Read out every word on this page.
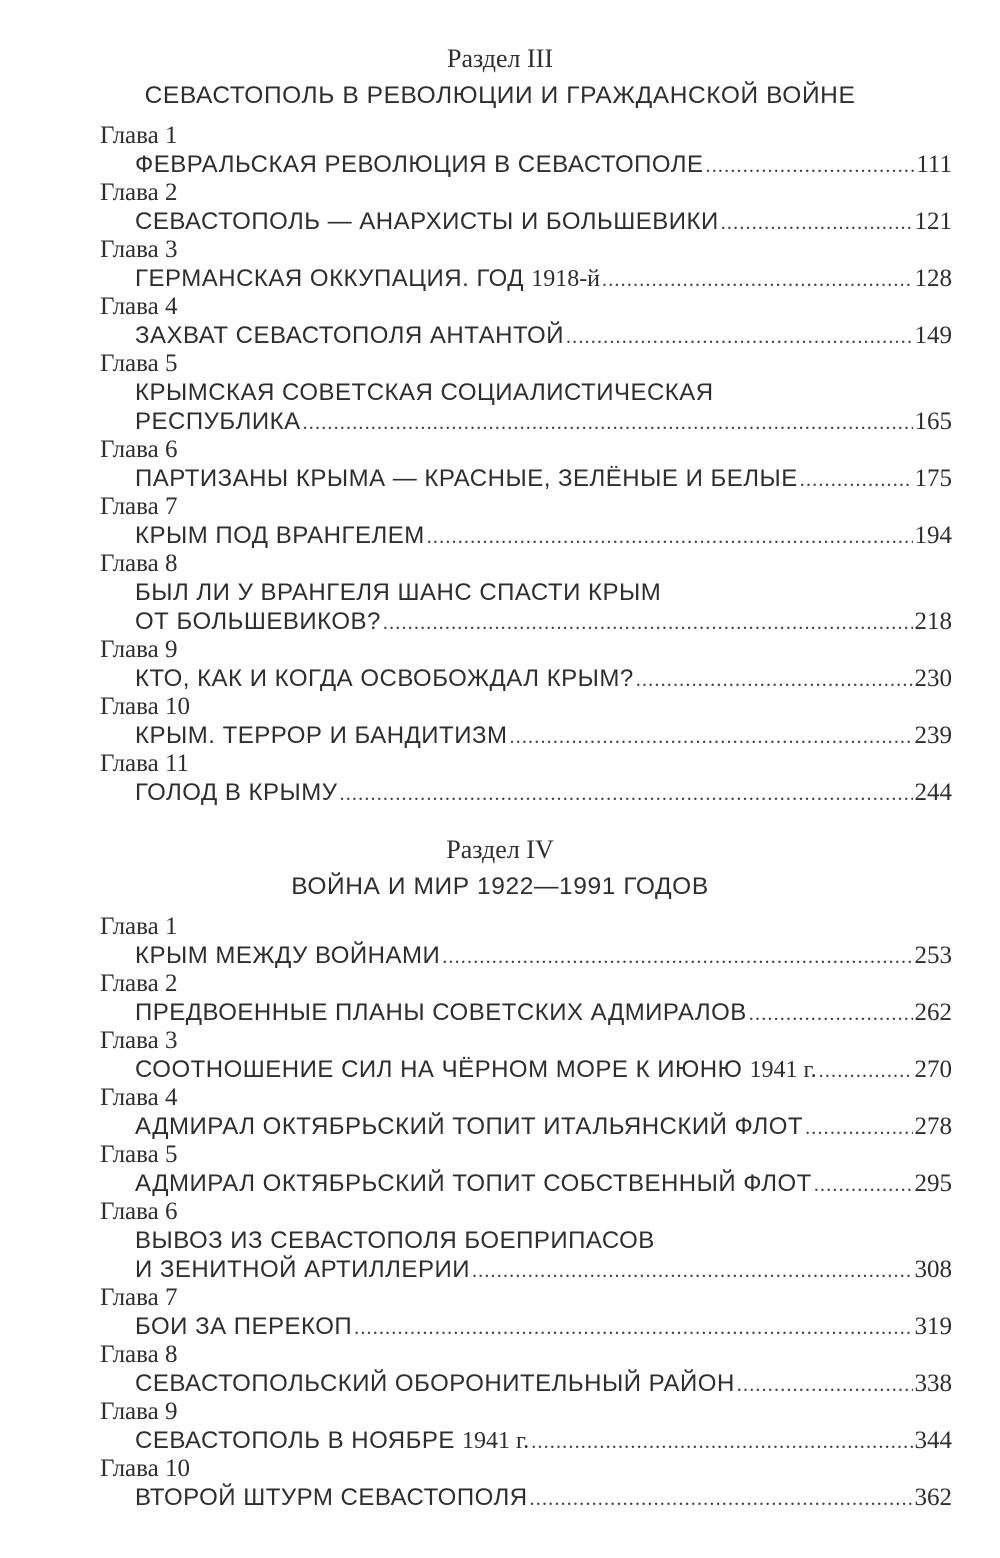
Раздел III
СЕВАСТОПОЛЬ В РЕВОЛЮЦИИ И ГРАЖДАНСКОЙ ВОЙНЕ
Глава 1
ФЕВРАЛЬСКАЯ РЕВОЛЮЦИЯ В СЕВАСТОПОЛЕ .....	111
Глава 2
СЕВАСТОПОЛЬ — АНАРХИСТЫ И БОЛЬШЕВИКИ .....	121
Глава 3
ГЕРМАНСКАЯ ОККУПАЦИЯ. ГОД 1918-й .....	128
Глава 4
ЗАХВАТ СЕВАСТОПОЛЯ АНТАНТОЙ .....	149
Глава 5
КРЫМСКАЯ СОВЕТСКАЯ СОЦИАЛИСТИЧЕСКАЯ
РЕСПУБЛИКА .....	165
Глава 6
ПАРТИЗАНЫ КРЫМА — КРАСНЫЕ, ЗЕЛЁНЫЕ И БЕЛЫЕ .....	175
Глава 7
КРЫМ ПОД ВРАНГЕЛЕМ .....	194
Глава 8
БЫЛ ЛИ У ВРАНГЕЛЯ ШАНС СПАСТИ КРЫМ
ОТ БОЛЬШЕВИКОВ? .....	218
Глава 9
КТО, КАК И КОГДА ОСВОБОЖДАЛ КРЫМ? .....	230
Глава 10
КРЫМ. ТЕРРОР И БАНДИТИЗМ .....	239
Глава 11
ГОЛОД В КРЫМУ .....	244
Раздел IV
ВОЙНА И МИР 1922—1991 ГОДОВ
Глава 1
КРЫМ МЕЖДУ ВОЙНАМИ .....	253
Глава 2
ПРЕДВОЕННЫЕ ПЛАНЫ СОВЕТСКИХ АДМИРАЛОВ .....	262
Глава 3
СООТНОШЕНИЕ СИЛ НА ЧЁРНОМ МОРЕ К ИЮНЮ 1941 г. .....	270
Глава 4
АДМИРАЛ ОКТЯБРЬСКИЙ ТОПИТ ИТАЛЬЯНСКИЙ ФЛОТ .....	278
Глава 5
АДМИРАЛ ОКТЯБРЬСКИЙ ТОПИТ СОБСТВЕННЫЙ ФЛОТ .....	295
Глава 6
ВЫВОЗ ИЗ СЕВАСТОПОЛЯ БОЕПРИПАСОВ
И ЗЕНИТНОЙ АРТИЛЛЕРИИ .....	308
Глава 7
БОИ ЗА ПЕРЕКОП .....	319
Глава 8
СЕВАСТОПОЛЬСКИЙ ОБОРОНИТЕЛЬНЫЙ РАЙОН .....	338
Глава 9
СЕВАСТОПОЛЬ В НОЯБРЕ 1941 г. .....	344
Глава 10
ВТОРОЙ ШТУРМ СЕВАСТОПОЛЯ .....	362
